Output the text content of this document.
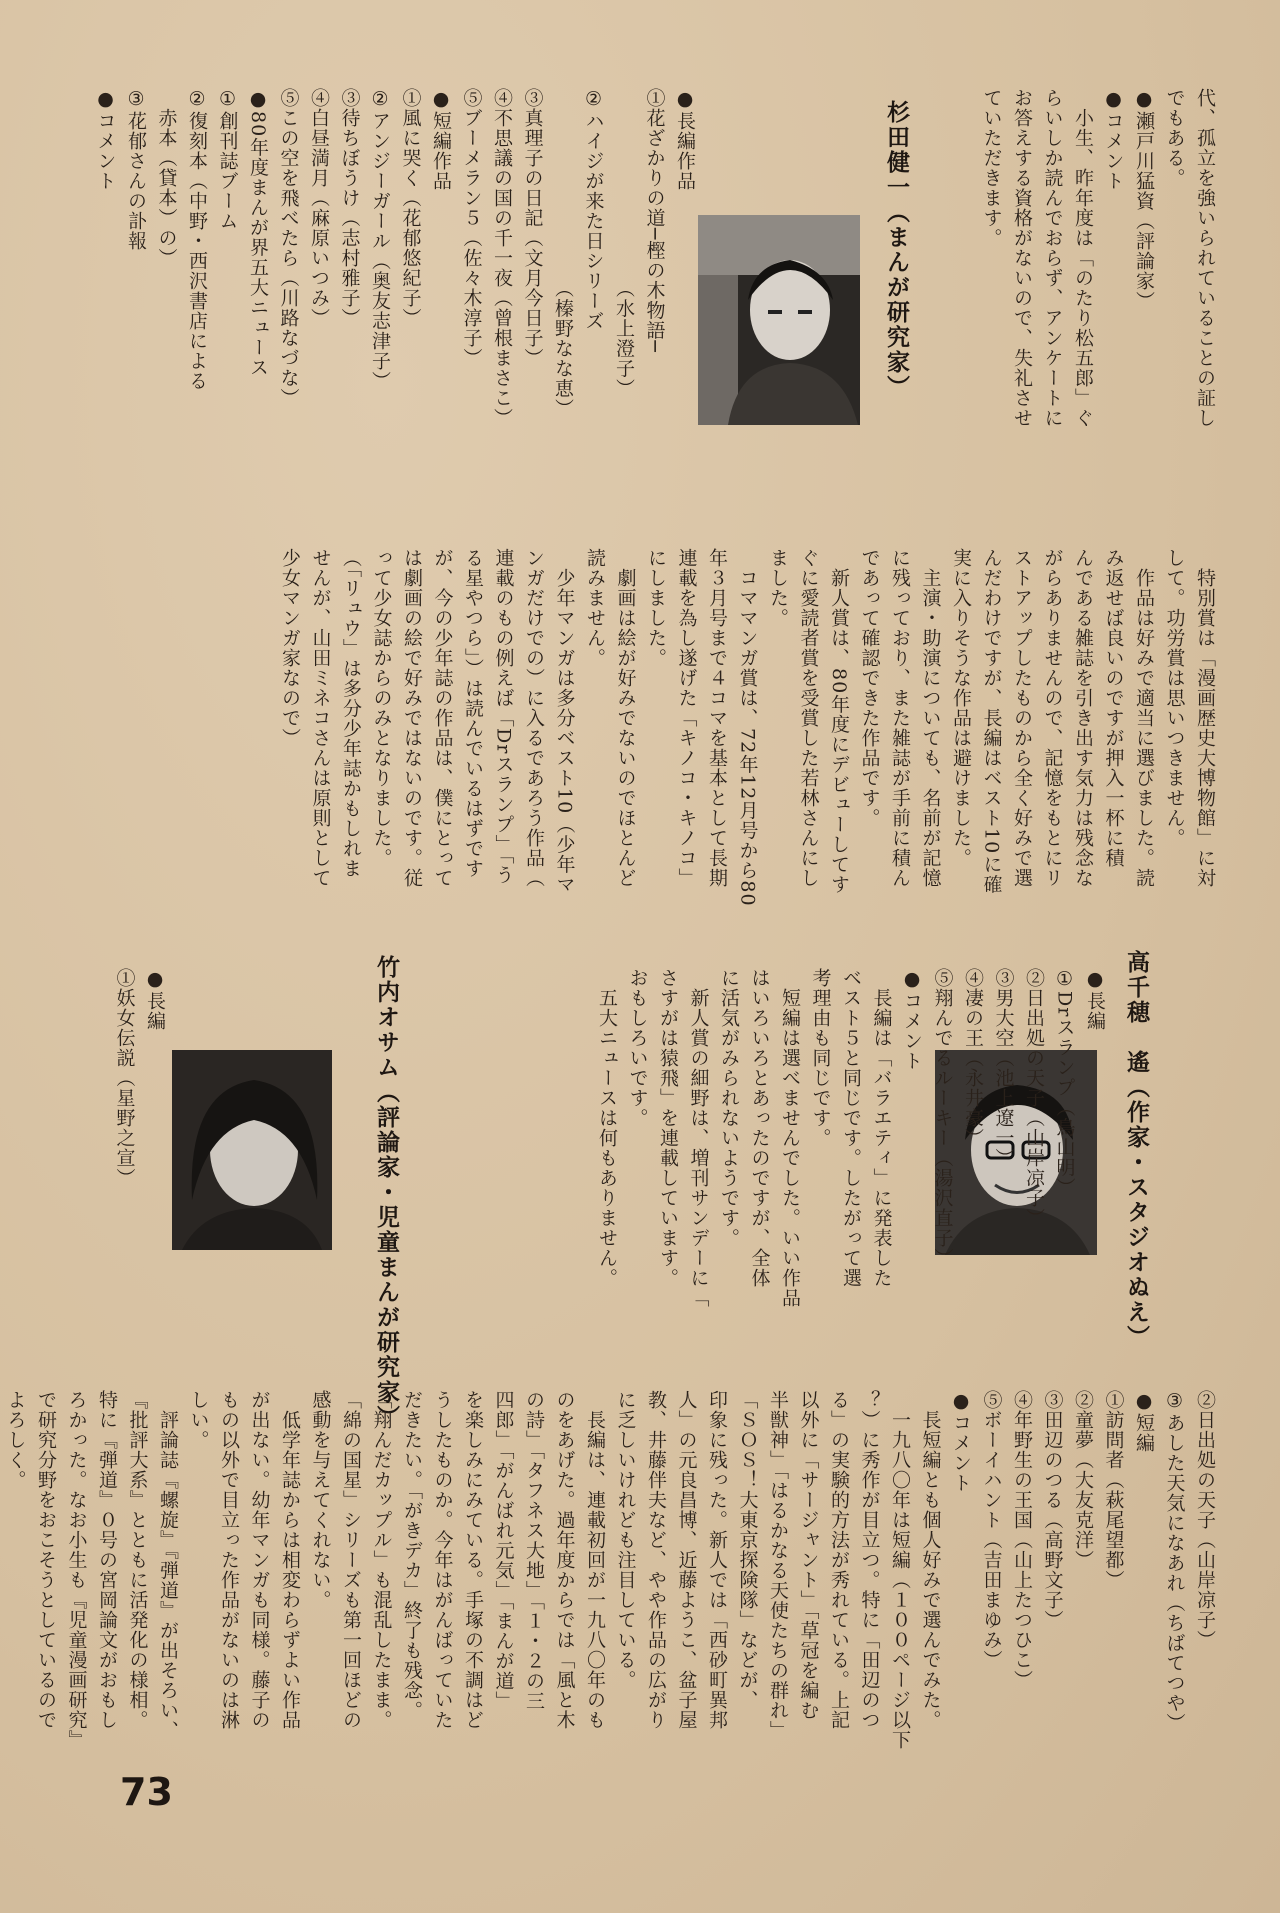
代、孤立を強いられていることの証し
でもある。
●瀬戸川猛資（評論家）
●コメント
　小生、昨年度は「のたり松五郎」ぐ
らいしか読んでおらず、アンケートに
お答えする資格がないので、失礼させ
ていただきます。
杉田健一（まんが研究家）
●長編作品
①花ざかりの道─樫の木物語─
　　　　　　　　　　（水上澄子）
②ハイジが来た日シリーズ
　　　　　　　　　　（榛野なな恵）
③真理子の日記（文月今日子）
④不思議の国の千一夜（曾根まさこ）
⑤ブーメラン５（佐々木淳子）
●短編作品
①風に哭く（花郁悠紀子）
②アンジーガール（奥友志津子）
③待ちぼうけ（志村雅子）
④白昼満月（麻原いつみ）
⑤この空を飛べたら（川路なづな）
●80年度まんが界五大ニュース
①創刊誌ブーム
②復刻本（中野・西沢書店による
　赤本（貸本）の）
③花郁さんの訃報
●コメント
　特別賞は「漫画歴史大博物館」に対
して。功労賞は思いつきません。
　作品は好みで適当に選びました。読
み返せば良いのですが押入一杯に積
んである雑誌を引き出す気力は残念な
がらありませんので、記憶をもとにリ
ストアップしたものから全く好みで選
んだわけですが、長編はベスト10に確
実に入りそうな作品は避けました。
　主演・助演についても、名前が記憶
に残っており、また雑誌が手前に積ん
であって確認できた作品です。
　新人賞は、80年度にデビューしてす
ぐに愛読者賞を受賞した若林さんにし
ました。
　コママンガ賞は、72年12月号から80
年３月号まで４コマを基本として長期
連載を為し遂げた「キノコ・キノコ」
にしました。
　劇画は絵が好みでないのでほとんど
読みません。
　少年マンガは多分ベスト10（少年マ
ンガだけでの）に入るであろう作品（
連載のもの例えば「Drスランプ」「う
る星やつら」）は読んでいるはずです
が、今の少年誌の作品は、僕にとって
は劇画の絵で好みではないのです。従
って少女誌からのみとなりました。
（「リュウ」は多分少年誌かもしれま
せんが、山田ミネコさんは原則として
少女マンガ家なので）
高千穂　遙（作家・スタジオぬえ）
●長編
①Drスランプ（鳥山明）
②日出処の天子（山岸凉子）
③男大空（池上遼一）
④凄の王（永井豪）
⑤翔んでるルーキー（湯沢直子）
●コメント
　長編は「バラエティ」に発表した
ベスト５と同じです。したがって選
考理由も同じです。
　短編は選べませんでした。いい作品
はいろいろとあったのですが、全体
に活気がみられないようです。
　新人賞の細野は、増刊サンデーに「
さすがは猿飛」を連載しています。
おもしろいです。
　五大ニュースは何もありません。
竹内オサム（評論家・児童まんが研究家）
●長編
①妖女伝説（星野之宣）
②日出処の天子（山岸凉子）
③あした天気になあれ（ちばてつや）
●短編
①訪問者（萩尾望都）
②童夢（大友克洋）
③田辺のつる（高野文子）
④年野生の王国（山上たつひこ）
⑤ボーイハント（吉田まゆみ）
●コメント
　長短編とも個人好みで選んでみた。
　一九八〇年は短編（１００ページ以下
？）に秀作が目立つ。特に「田辺のつ
る」の実験的方法が秀れている。上記
以外に「サージャント」「草冠を編む
半獣神」「はるかなる天使たちの群れ」
「ＳＯＳ！大東京探険隊」などが、
印象に残った。新人では「西砂町異邦
人」の元良昌博、近藤ようこ、盆子屋
教、井藤伴夫など、やや作品の広がり
に乏しいけれども注目している。
　長編は、連載初回が一九八〇年のも
のをあげた。過年度からでは「風と木
の詩」「タフネス大地」「１・２の三
四郎」「がんばれ元気」「まんが道」
を楽しみにみている。手塚の不調はど
うしたものか。今年はがんばっていた
だきたい。「がきデカ」終了も残念。
「翔んだカップル」も混乱したまま。
「綿の国星」シリーズも第一回ほどの
感動を与えてくれない。
　低学年誌からは相変わらずよい作品
が出ない。幼年マンガも同様。藤子の
もの以外で目立った作品がないのは淋
しい。
　評論誌『螺旋』『弾道』が出そろい、
『批評大系』とともに活発化の様相。
特に『弾道』０号の宮岡論文がおもし
ろかった。なお小生も『児童漫画研究』
で研究分野をおこそうとしているので
よろしく。
73
